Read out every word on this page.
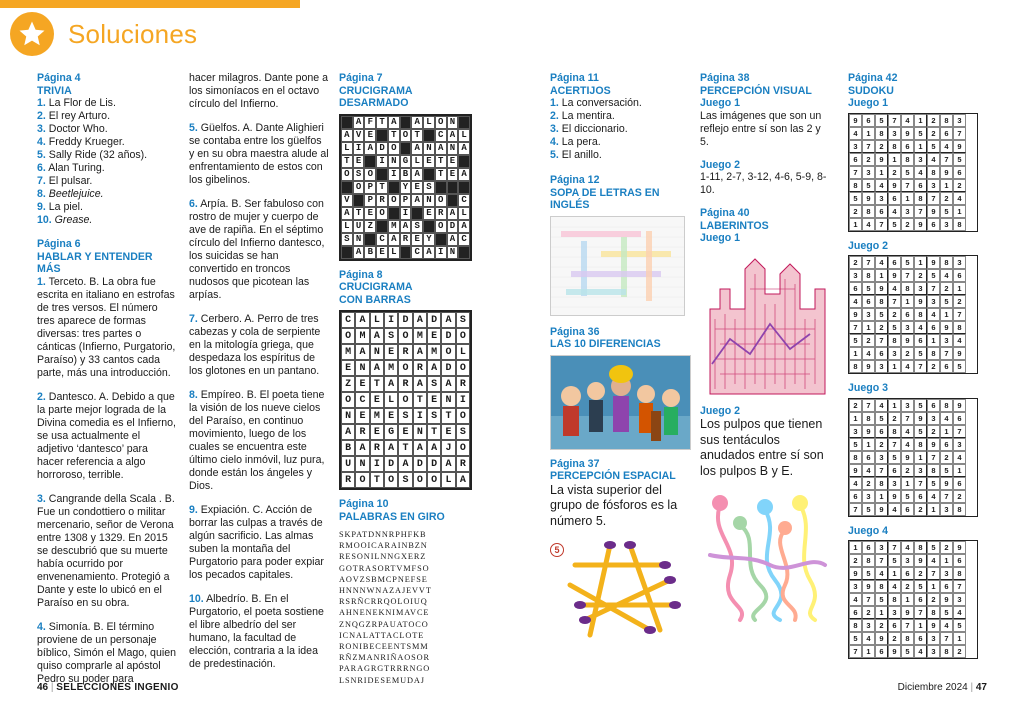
Soluciones
Página 4
TRIVIA
1. La Flor de Lis.
2. El rey Arturo.
3. Doctor Who.
4. Freddy Krueger.
5. Sally Ride (32 años).
6. Alan Turing.
7. El pulsar.
8. Beetlejuice.
9. La piel.
10. Grease.
Página 6
HABLAR Y ENTENDER MÁS
1. Terceto. B. La obra fue escrita en italiano en estrofas de tres versos. El número tres aparece de formas diversas: tres partes o cánticas (Infierno, Purgatorio, Paraíso) y 33 cantos cada parte, más una introducción.
2. Dantesco. A. Debido a que la parte mejor lograda de la Divina comedia es el Infierno, se usa actualmente el adjetivo ‘dantesco’ para hacer referencia a algo horroroso, terrible.
3. Cangrande della Scala . B. Fue un condottiero o militar mercenario, señor de Verona entre 1308 y 1329. En 2015 se descubrió que su muerte había ocurrido por envenenamiento. Protegió a Dante y este lo ubicó en el Paraíso en su obra.
4. Simonía. B. El término proviene de un personaje bíblico, Simón el Mago, quien quiso comprarle al apóstol Pedro su poder para
hacer milagros. Dante pone a los simoníacos en el octavo círculo del Infierno.
5. Güelfos. A. Dante Alighieri se contaba entre los güelfos y en su obra maestra alude al enfrentamiento de estos con los gibelinos.
6. Arpía. B. Ser fabuloso con rostro de mujer y cuerpo de ave de rapiña. En el séptimo círculo del Infierno dantesco, los suicidas se han convertido en troncos nudosos que picotean las arpías.
7. Cerbero. A. Perro de tres cabezas y cola de serpiente en la mitología griega, que despedaza los espíritus de los glotones en un pantano.
8. Empíreo. B. El poeta tiene la visión de los nueve cielos del Paraíso, en continuo movimiento, luego de los cuales se encuentra este último cielo inmóvil, luz pura, donde están los ángeles y Dios.
9. Expiación. C. Acción de borrar las culpas a través de algún sacrificio. Las almas suben la montaña del Purgatorio para poder expiar los pecados capitales.
10. Albedrío. B. En el Purgatorio, el poeta sostiene el libre albedrío del ser humano, la facultad de elección, contraria a la idea de predestinación.
Página 7
CRUCIGRAMA
DESARMADO
A F T A	A L O N
A V E	T O T	C A L
L I A D O	A N A N A
T E	I N G L E T E
O S O	I B A	T E A
O P T	Y E S
V	P R O P A N O	C
A T E O	I	E R A L
L U Z	M A S	O D A
S N	C A R E Y	A C
A B E L	C A I N
Página 8
CRUCIGRAMA
CON BARRAS
C A L I D A D A S
O M A S O M E D O
M A N E R A M O L
E N A M O R A D O
Z E T A R A S A R
O C E L O T E N I
N E M E S I S T O
A R E G E N T E S
B A R A T A A J O
U N I D A D D A R
R O T O S O O L A
Página 10
PALABRAS EN GIRO
SKPATDNNRPHFKB
RMOOICARAINBZN
RESONILNNGXERZ
GOTRASORTVMFSO
AOVZSBMCPNEFSE
HNNNWNAZAJEVVT
RSRÑCRRQOLOIUQ
AHNENEKNIMAVCE
ZNQGZRPAUATOCO
ICNALATTACLOTE
RONIBECEENTSMM
RÑZMANRIÑAOSOR
PARAGRGTRRRNGO
LSNRIDESEMUDAJ
Página 11
ACERTIJOS
1. La conversación.
2. La mentira.
3. El diccionario.
4. La pera.
5. El anillo.
Página 12
SOPA DE LETRAS EN INGLÉS
Página 36
LAS 10 DIFERENCIAS
Página 37
PERCEPCIÓN ESPACIAL
La vista superior del grupo de fósforos es la número 5.
5
Página 38
PERCEPCIÓN VISUAL
Juego 1
Las imágenes que son un reflejo entre sí son las 2 y 5.
Juego 2
1-11, 2-7, 3-12, 4-6, 5-9, 8-10.
Página 40
LABERINTOS
Juego 1
Juego 2
Los pulpos que tienen sus tentáculos anudados entre sí son los pulpos B y E.
Página 42
SUDOKU
Juego 1
9	6	5	7	4	1	2	8	3
4	1	8	3	9	5	2	6	7
3	7	2	8	6	1	5	4	9
6	2	9	1	8	3	4	7	5
7	3	1	2	5	4	8	9	6
8	5	4	9	7	6	3	1	2
5	9	3	6	1	8	7	2	4
2	8	6	4	3	7	9	5	1
1	4	7	5	2	9	6	3	8
Juego 2
2	7	4	6	5	1	9	8	3
3	8	1	9	7	2	5	4	6
6	5	9	4	8	3	7	2	1
4	6	8	7	1	9	3	5	2
9	3	5	2	6	8	4	1	7
7	1	2	5	3	4	6	9	8
5	2	7	8	9	6	1	3	4
1	4	6	3	2	5	8	7	9
8	9	3	1	4	7	2	6	5
Juego 3
2	7	4	1	3	5	6	8	9
1	8	5	2	7	9	3	4	6
3	9	6	8	4	5	2	1	7
5	1	2	7	4	8	9	6	3
8	6	3	5	9	1	7	2	4
9	4	7	6	2	3	8	5	1
4	2	8	3	1	7	5	9	6
6	3	1	9	5	6	4	7	2
7	5	9	4	6	2	1	3	8
Juego 4
1	6	3	7	4	8	5	2	9
2	8	7	5	3	9	4	1	6
9	5	4	1	6	2	7	3	8
3	9	8	4	2	5	1	6	7
4	7	5	8	1	6	2	9	3
6	2	1	3	9	7	8	5	4
8	3	2	6	7	1	9	4	5
5	4	9	2	8	6	3	7	1
7	1	6	9	5	4	3	8	2
46 | SELECCIONES INGENIO	Diciembre 2024 | 47
